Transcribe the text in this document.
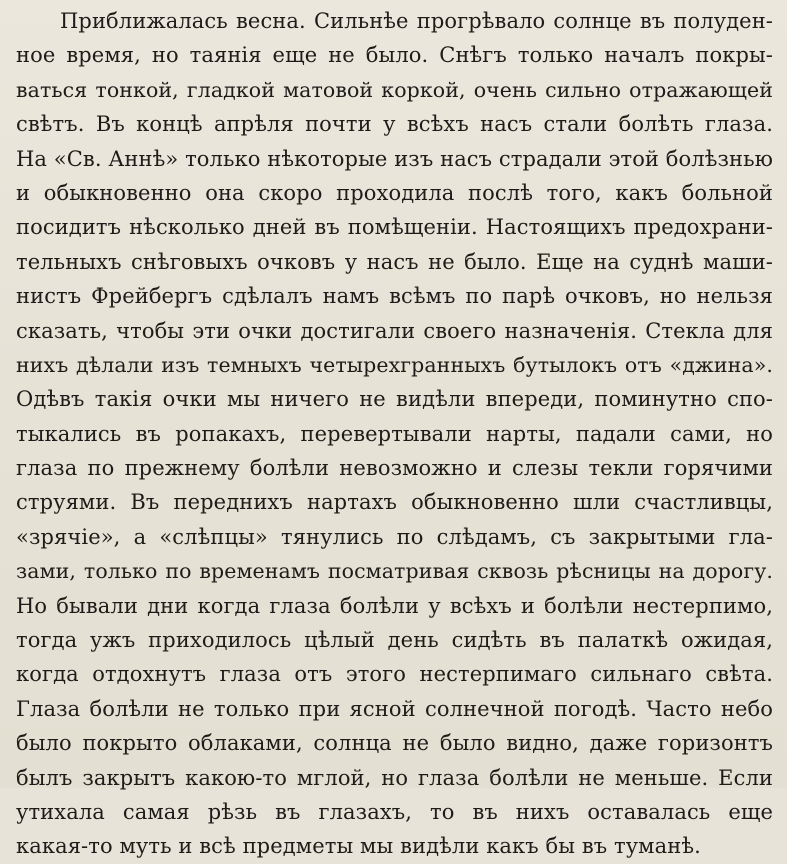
Приближалась весна. Сильнѣе прогрѣвало солнце въ полуден-
ное время, но таянія еще не было. Снѣгъ только началъ покры-
ваться тонкой, гладкой матовой коркой, очень сильно отражающей
свѣтъ. Въ концѣ апрѣля почти у всѣхъ насъ стали болѣть глаза.
На «Св. Аннѣ» только нѣкоторые изъ насъ страдали этой болѣзнью
и обыкновенно она скоро проходила послѣ того, какъ больной
посидитъ нѣсколько дней въ помѣщеніи. Настоящихъ предохрани-
тельныхъ снѣговыхъ очковъ у насъ не было. Еще на суднѣ маши-
нистъ Фрейбергъ сдѣлалъ намъ всѣмъ по парѣ очковъ, но нельзя
сказать, чтобы эти очки достигали своего назначенія. Стекла для
нихъ дѣлали изъ темныхъ четырехгранныхъ бутылокъ отъ «джина».
Одѣвъ такія очки мы ничего не видѣли впереди, поминутно спо-
тыкались въ ропакахъ, перевертывали нарты, падали сами, но
глаза по прежнему болѣли невозможно и слезы текли горячими
струями. Въ переднихъ нартахъ обыкновенно шли счастливцы,
«зрячіе», а «слѣпцы» тянулись по слѣдамъ, съ закрытыми гла-
зами, только по временамъ посматривая сквозь рѣсницы на дорогу.
Но бывали дни когда глаза болѣли у всѣхъ и болѣли нестерпимо,
тогда ужъ приходилось цѣлый день сидѣть въ палаткѣ ожидая,
когда отдохнутъ глаза отъ этого нестерпимаго сильнаго свѣта.
Глаза болѣли не только при ясной солнечной погодѣ. Часто небо
было покрыто облаками, солнца не было видно, даже горизонтъ
былъ закрытъ какою-то мглой, но глаза болѣли не меньше. Если
утихала самая рѣзь въ глазахъ, то въ нихъ оставалась еще
какая-то муть и всѣ предметы мы видѣли какъ бы въ туманѣ.
